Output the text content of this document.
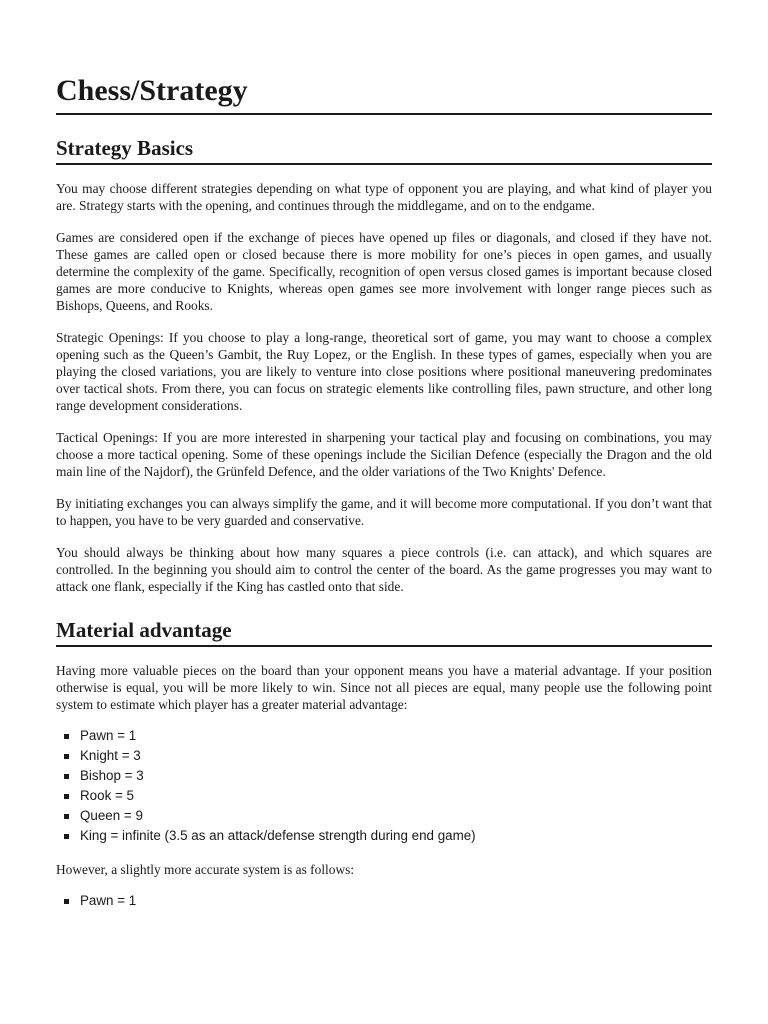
Chess/Strategy
Strategy Basics

You may choose different strategies depending on what type of opponent you are playing, and what kind of player you are. Strategy starts with the opening, and continues through the middlegame, and on to the endgame.

Games are considered open if the exchange of pieces have opened up files or diagonals, and closed if they have not. These games are called open or closed because there is more mobility for one’s pieces in open games, and usually determine the complexity of the game. Specifically, recognition of open versus closed games is important because closed games are more conducive to Knights, whereas open games see more involvement with longer range pieces such as Bishops, Queens, and Rooks.

Strategic Openings: If you choose to play a long-range, theoretical sort of game, you may want to choose a complex opening such as the Queen’s Gambit, the Ruy Lopez, or the English. In these types of games, especially when you are playing the closed variations, you are likely to venture into close positions where positional maneuvering predominates over tactical shots. From there, you can focus on strategic elements like controlling files, pawn structure, and other long range development considerations.

Tactical Openings: If you are more interested in sharpening your tactical play and focusing on combinations, you may choose a more tactical opening. Some of these openings include the Sicilian Defence (especially the Dragon and the old main line of the Najdorf), the Grünfeld Defence, and the older variations of the Two Knights' Defence.

By initiating exchanges you can always simplify the game, and it will become more computational. If you don’t want that to happen, you have to be very guarded and conservative.

You should always be thinking about how many squares a piece controls (i.e. can attack), and which squares are controlled. In the beginning you should aim to control the center of the board. As the game progresses you may want to attack one flank, especially if the King has castled onto that side.

Material advantage

Having more valuable pieces on the board than your opponent means you have a material advantage. If your position otherwise is equal, you will be more likely to win. Since not all pieces are equal, many people use the following point system to estimate which player has a greater material advantage:

Pawn = 1
Knight = 3
Bishop = 3
Rook = 5
Queen = 9
King = infinite (3.5 as an attack/defense strength during end game)

However, a slightly more accurate system is as follows:

Pawn = 1
